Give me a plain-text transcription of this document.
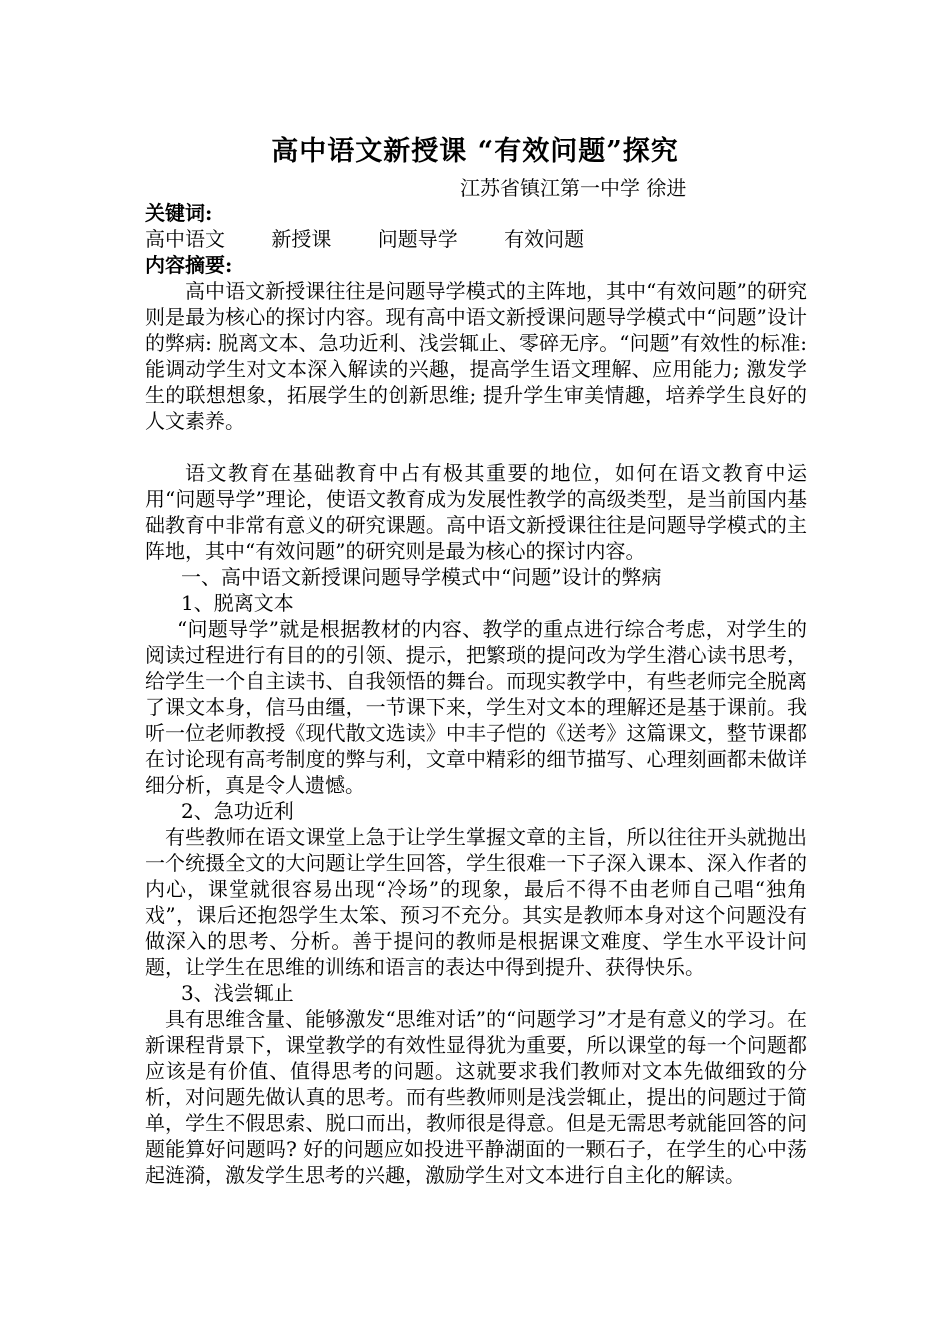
高中语文新授课 “有效问题”探究
江苏省镇江第一中学 徐进
关键词:
高中语文 新授课 问题导学 有效问题
内容摘要:

高中语文新授课往往是问题导学模式的主阵地，其中“有效问题”的研究则是最为核心的探讨内容。现有高中语文新授课问题导学模式中“问题”设计的弊病: 脱离文本、急功近利、浅尝辄止、零碎无序。“问题”有效性的标准: 能调动学生对文本深入解读的兴趣，提高学生语文理解、应用能力; 激发学生的联想想象，拓展学生的创新思维; 提升学生审美情趣，培养学生良好的人文素养。

语文教育在基础教育中占有极其重要的地位，如何在语文教育中运用“问题导学”理论，使语文教育成为发展性教学的高级类型，是当前国内基础教育中非常有意义的研究课题。高中语文新授课往往是问题导学模式的主阵地，其中“有效问题”的研究则是最为核心的探讨内容。

一、高中语文新授课问题导学模式中“问题”设计的弊病

1、脱离文本

“问题导学”就是根据教材的内容、教学的重点进行综合考虑，对学生的阅读过程进行有目的的引领、提示，把繁琐的提问改为学生潜心读书思考，给学生一个自主读书、自我领悟的舞台。而现实教学中，有些老师完全脱离了课文本身，信马由缰，一节课下来，学生对文本的理解还是基于课前。我听一位老师教授《现代散文选读》中丰子恺的《送考》这篇课文，整节课都在讨论现有高考制度的弊与利，文章中精彩的细节描写、心理刻画都未做详细分析，真是令人遗憾。

2、急功近利

有些教师在语文课堂上急于让学生掌握文章的主旨，所以往往开头就抛出一个统摄全文的大问题让学生回答，学生很难一下子深入课本、深入作者的内心，课堂就很容易出现“冷场”的现象，最后不得不由老师自己唱“独角戏”，课后还抱怨学生太笨、预习不充分。其实是教师本身对这个问题没有做深入的思考、分析。善于提问的教师是根据课文难度、学生水平设计问题，让学生在思维的训练和语言的表达中得到提升、获得快乐。

3、浅尝辄止

具有思维含量、能够激发“思维对话”的“问题学习”才是有意义的学习。在新课程背景下，课堂教学的有效性显得犹为重要，所以课堂的每一个问题都应该是有价值、值得思考的问题。这就要求我们教师对文本先做细致的分析，对问题先做认真的思考。而有些教师则是浅尝辄止，提出的问题过于简单，学生不假思索、脱口而出，教师很是得意。但是无需思考就能回答的问题能算好问题吗? 好的问题应如投进平静湖面的一颗石子，在学生的心中荡起涟漪，激发学生思考的兴趣，激励学生对文本进行自主化的解读。
